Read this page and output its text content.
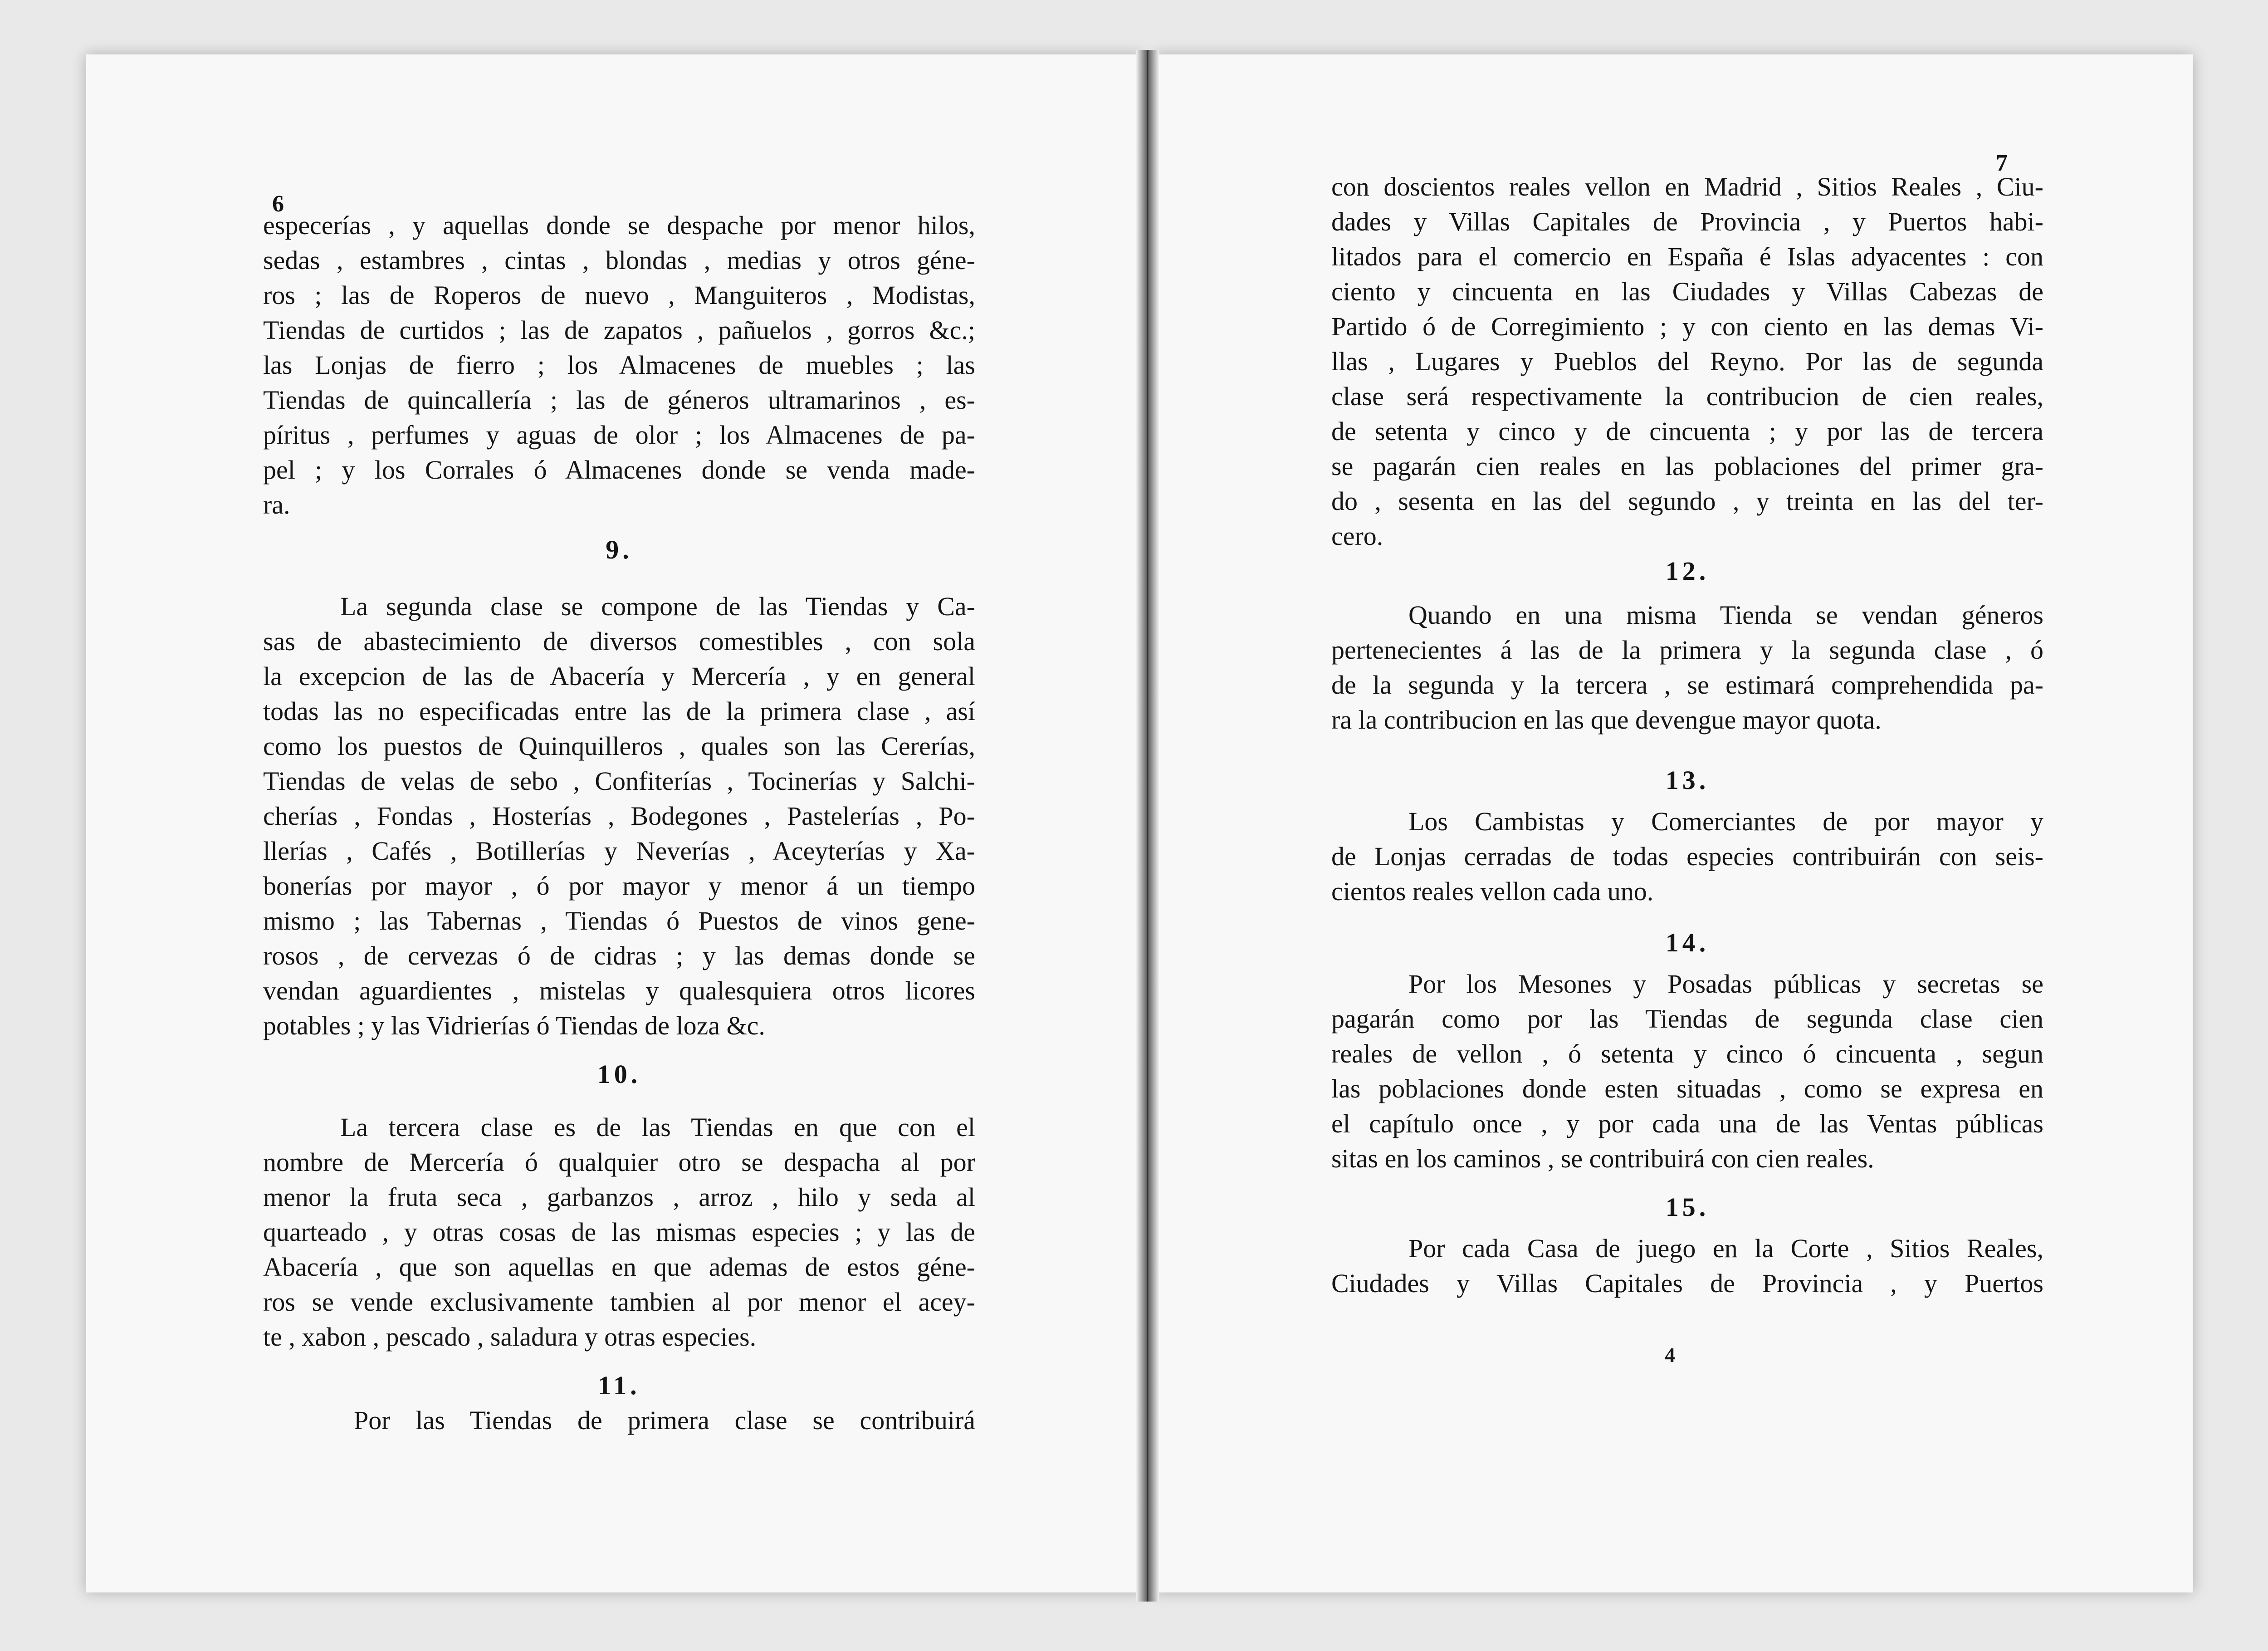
6
especerías , y aquellas donde se despache por menor hilos,
sedas , estambres , cintas , blondas , medias y otros géne-
ros ; las de Roperos de nuevo , Manguiteros , Modistas,
Tiendas de curtidos ; las de zapatos , pañuelos , gorros &c.;
las Lonjas de fierro ; los Almacenes de muebles ; las
Tiendas de quincallería ; las de géneros ultramarinos , es-
píritus , perfumes y aguas de olor ; los Almacenes de pa-
pel ; y los Corrales ó Almacenes donde se venda made-
ra.
9.
La segunda clase se compone de las Tiendas y Ca-
sas de abastecimiento de diversos comestibles , con sola
la excepcion de las de Abacería y Mercería , y en general
todas las no especificadas entre las de la primera clase , así
como los puestos de Quinquilleros , quales son las Cererías,
Tiendas de velas de sebo , Confiterías , Tocinerías y Salchi-
cherías , Fondas , Hosterías , Bodegones , Pastelerías , Po-
llerías , Cafés , Botillerías y Neverías , Aceyterías y Xa-
bonerías por mayor , ó por mayor y menor á un tiempo
mismo ; las Tabernas , Tiendas ó Puestos de vinos gene-
rosos , de cervezas ó de cidras ; y las demas donde se
vendan aguardientes , mistelas y qualesquiera otros licores
potables ; y las Vidrierías ó Tiendas de loza &c.
10.
La tercera clase es de las Tiendas en que con el
nombre de Mercería ó qualquier otro se despacha al por
menor la fruta seca , garbanzos , arroz , hilo y seda al
quarteado , y otras cosas de las mismas especies ; y las de
Abacería , que son aquellas en que ademas de estos géne-
ros se vende exclusivamente tambien al por menor el acey-
te , xabon , pescado , saladura y otras especies.
11.
Por las Tiendas de primera clase se contribuirá
7
con doscientos reales vellon en Madrid , Sitios Reales , Ciu-
dades y Villas Capitales de Provincia , y Puertos habi-
litados para el comercio en España é Islas adyacentes : con
ciento y cincuenta en las Ciudades y Villas Cabezas de
Partido ó de Corregimiento ; y con ciento en las demas Vi-
llas , Lugares y Pueblos del Reyno. Por las de segunda
clase será respectivamente la contribucion de cien reales,
de setenta y cinco y de cincuenta ; y por las de tercera
se pagarán cien reales en las poblaciones del primer gra-
do , sesenta en las del segundo , y treinta en las del ter-
cero.
12.
Quando en una misma Tienda se vendan géneros
pertenecientes á las de la primera y la segunda clase , ó
de la segunda y la tercera , se estimará comprehendida pa-
ra la contribucion en las que devengue mayor quota.
13.
Los Cambistas y Comerciantes de por mayor y
de Lonjas cerradas de todas especies contribuirán con seis-
cientos reales vellon cada uno.
14.
Por los Mesones y Posadas públicas y secretas se
pagarán como por las Tiendas de segunda clase cien
reales de vellon , ó setenta y cinco ó cincuenta , segun
las poblaciones donde esten situadas , como se expresa en
el capítulo once , y por cada una de las Ventas públicas
sitas en los caminos , se contribuirá con cien reales.
15.
Por cada Casa de juego en la Corte , Sitios Reales,
Ciudades y Villas Capitales de Provincia , y Puertos
4
